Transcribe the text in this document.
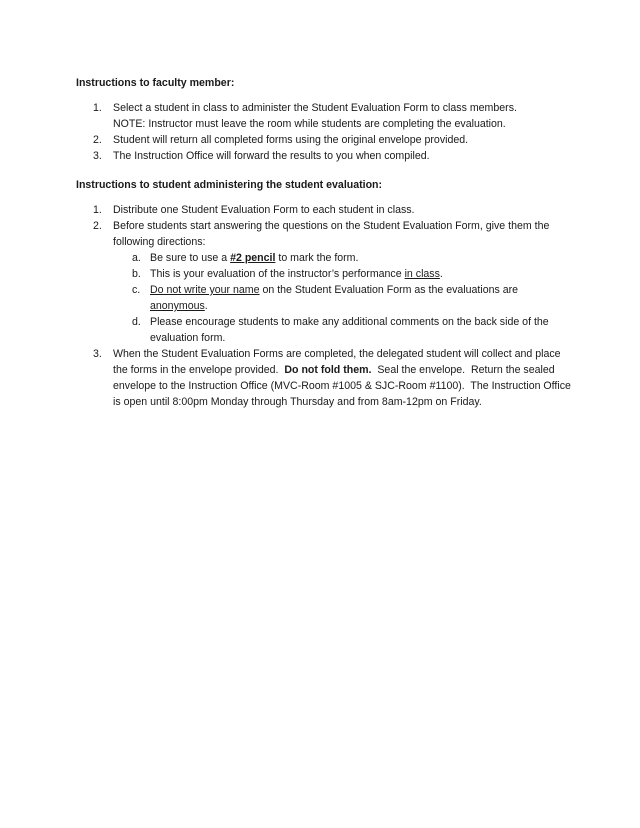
Instructions to faculty member:
1. Select a student in class to administer the Student Evaluation Form to class members.
NOTE: Instructor must leave the room while students are completing the evaluation.
2. Student will return all completed forms using the original envelope provided.
3. The Instruction Office will forward the results to you when compiled.
Instructions to student administering the student evaluation:
1. Distribute one Student Evaluation Form to each student in class.
2. Before students start answering the questions on the Student Evaluation Form, give them the following directions:
a. Be sure to use a #2 pencil to mark the form.
b. This is your evaluation of the instructor’s performance in class.
c. Do not write your name on the Student Evaluation Form as the evaluations are anonymous.
d. Please encourage students to make any additional comments on the back side of the evaluation form.
3. When the Student Evaluation Forms are completed, the delegated student will collect and place the forms in the envelope provided.  Do not fold them.  Seal the envelope.  Return the sealed envelope to the Instruction Office (MVC-Room #1005 & SJC-Room #1100).  The Instruction Office is open until 8:00pm Monday through Thursday and from 8am-12pm on Friday.
